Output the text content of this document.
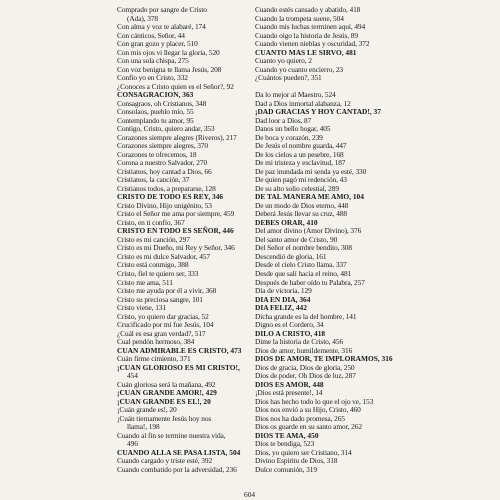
Comprado por sangre de Cristo
(Ada), 378
Con alma y voz te alabaré, 174
Con cánticos, Señor, 44
Con gran gozo y placer, 510
Con mis ojos vi llegar la gloria, 520
Con una sola chispa, 275
Con voz benigna te llama Jesús, 208
Confío yo en Cristo, 332
¿Conoces a Cristo quien es el Señor?, 92
CONSAGRACION, 363
Consagraos, oh Cristianos, 348
Consolaos, pueblo mío, 55
Contemplando tu amor, 95
Contigo, Cristo, quiero andar, 353
Corazones siempre alegres (Riveros), 217
Corazones siempre alegres, 370
Corazones te ofrecemos, 18
Corona a nuestro Salvador, 270
Cristianos, hoy cantad a Dios, 66
Cristianos, la canción, 37
Cristianos todos, a prepararse, 128
CRISTO DE TODO ES REY, 346
Cristo Divino, Hijo unigénito, 53
Cristo el Señor me ama por siempre, 459
Cristo, en ti confío, 367
CRISTO EN TODO ES SEÑOR, 446
Cristo es mi canción, 297
Cristo es mi Dueño, mi Rey y Señor, 346
Cristo es mi dulce Salvador, 457
Cristo está conmigo, 388
Cristo, fiel te quiero ser, 333
Cristo me ama, 511
Cristo me ayuda por él a vivir, 368
Cristo su preciosa sangre, 101
Cristo viene, 131
Cristo, yo quiero dar gracias, 52
Crucificado por mí fue Jesús, 104
¿Cuál es esa gran verdad?, 517
Cual pendón hermoso, 384
CUAN ADMIRABLE ES CRISTO, 473
Cuán firme cimiento, 371
¡CUAN GLORIOSO ES MI CRISTO!,
454
Cuán gloriosa será la mañana, 492
¡CUAN GRANDE AMOR!, 429
¡CUAN GRANDE ES EL!, 20
¡Cuán grande es!, 20
¡Cuán tiernamente Jesús hoy nos
llama!, 198
Cuando al fin se termine nuestra vida,
496
CUANDO ALLA SE PASA LISTA, 504
Cuando cargado y triste esté, 392
Cuando combatido por la adversidad, 236
Cuando estés cansado y abatido, 418
Cuando la trompeta suene, 504
Cuando mis luchas terminen aquí, 494
Cuando oigo la historia de Jesús, 89
Cuando vienen nieblas y oscuridad, 372
CUANTO MAS LE SIRVO, 481
Cuanto yo quiero, 2
Cuando yo cuanto encierro, 23
¿Cuántos pueden?, 351

Da lo mejor al Maestro, 524
Dad a Dios inmortal alabanza, 12
¡DAD GRACIAS Y HOY CANTAD!, 37
Dad loor a Dios, 87
Danos un bello hogar, 405
De boca y corazón, 239
De Jesús el nombre guarda, 447
De los cielos a un pesebre, 168
De mi tristeza y esclavitud, 187
De paz inundada mi senda ya esté, 330
De quien pagó mi redención, 43
De su alto solio celestial, 289
DE TAL MANERA ME AMO, 104
De un modo de Dios eterno, 448
Deberá Jesús llevar su cruz, 488
DEBES ORAR, 410
Del amor divino (Amor Divino), 376
Del santo amor de Cristo, 90
Del Señor el nombre bendito, 308
Descendió de gloria, 161
Desde el cielo Cristo llama, 337
Desde que salí hacia el reino, 481
Después de haber oído tu Palabra, 257
Día de victoria, 129
DIA EN DIA, 364
DIA FELIZ, 442
Dicha grande es la del hombre, 141
Digno es el Cordero, 34
DILO A CRISTO, 418
Dime la historia de Cristo, 456
Dios de amor, humildemente, 316
DIOS DE AMOR, TE IMPLORAMOS, 316
Dios de gracia, Dios de gloria, 250
Dios de poder, Oh Dios de luz, 287
DIOS ES AMOR, 448
¡Dios está presente!, 14
Dios has hecho todo lo que el ojo ve, 153
Dios nos envió a su Hijo, Cristo, 460
Dios nos ha dado promesa, 265
Dios os guarde en su santo amor, 262
DIOS TE AMA, 450
Dios te bendiga, 523
Dios, yo quiero ser Cristiano, 314
Divino Espíritu de Dios, 318
Dulce comunión, 319
604
